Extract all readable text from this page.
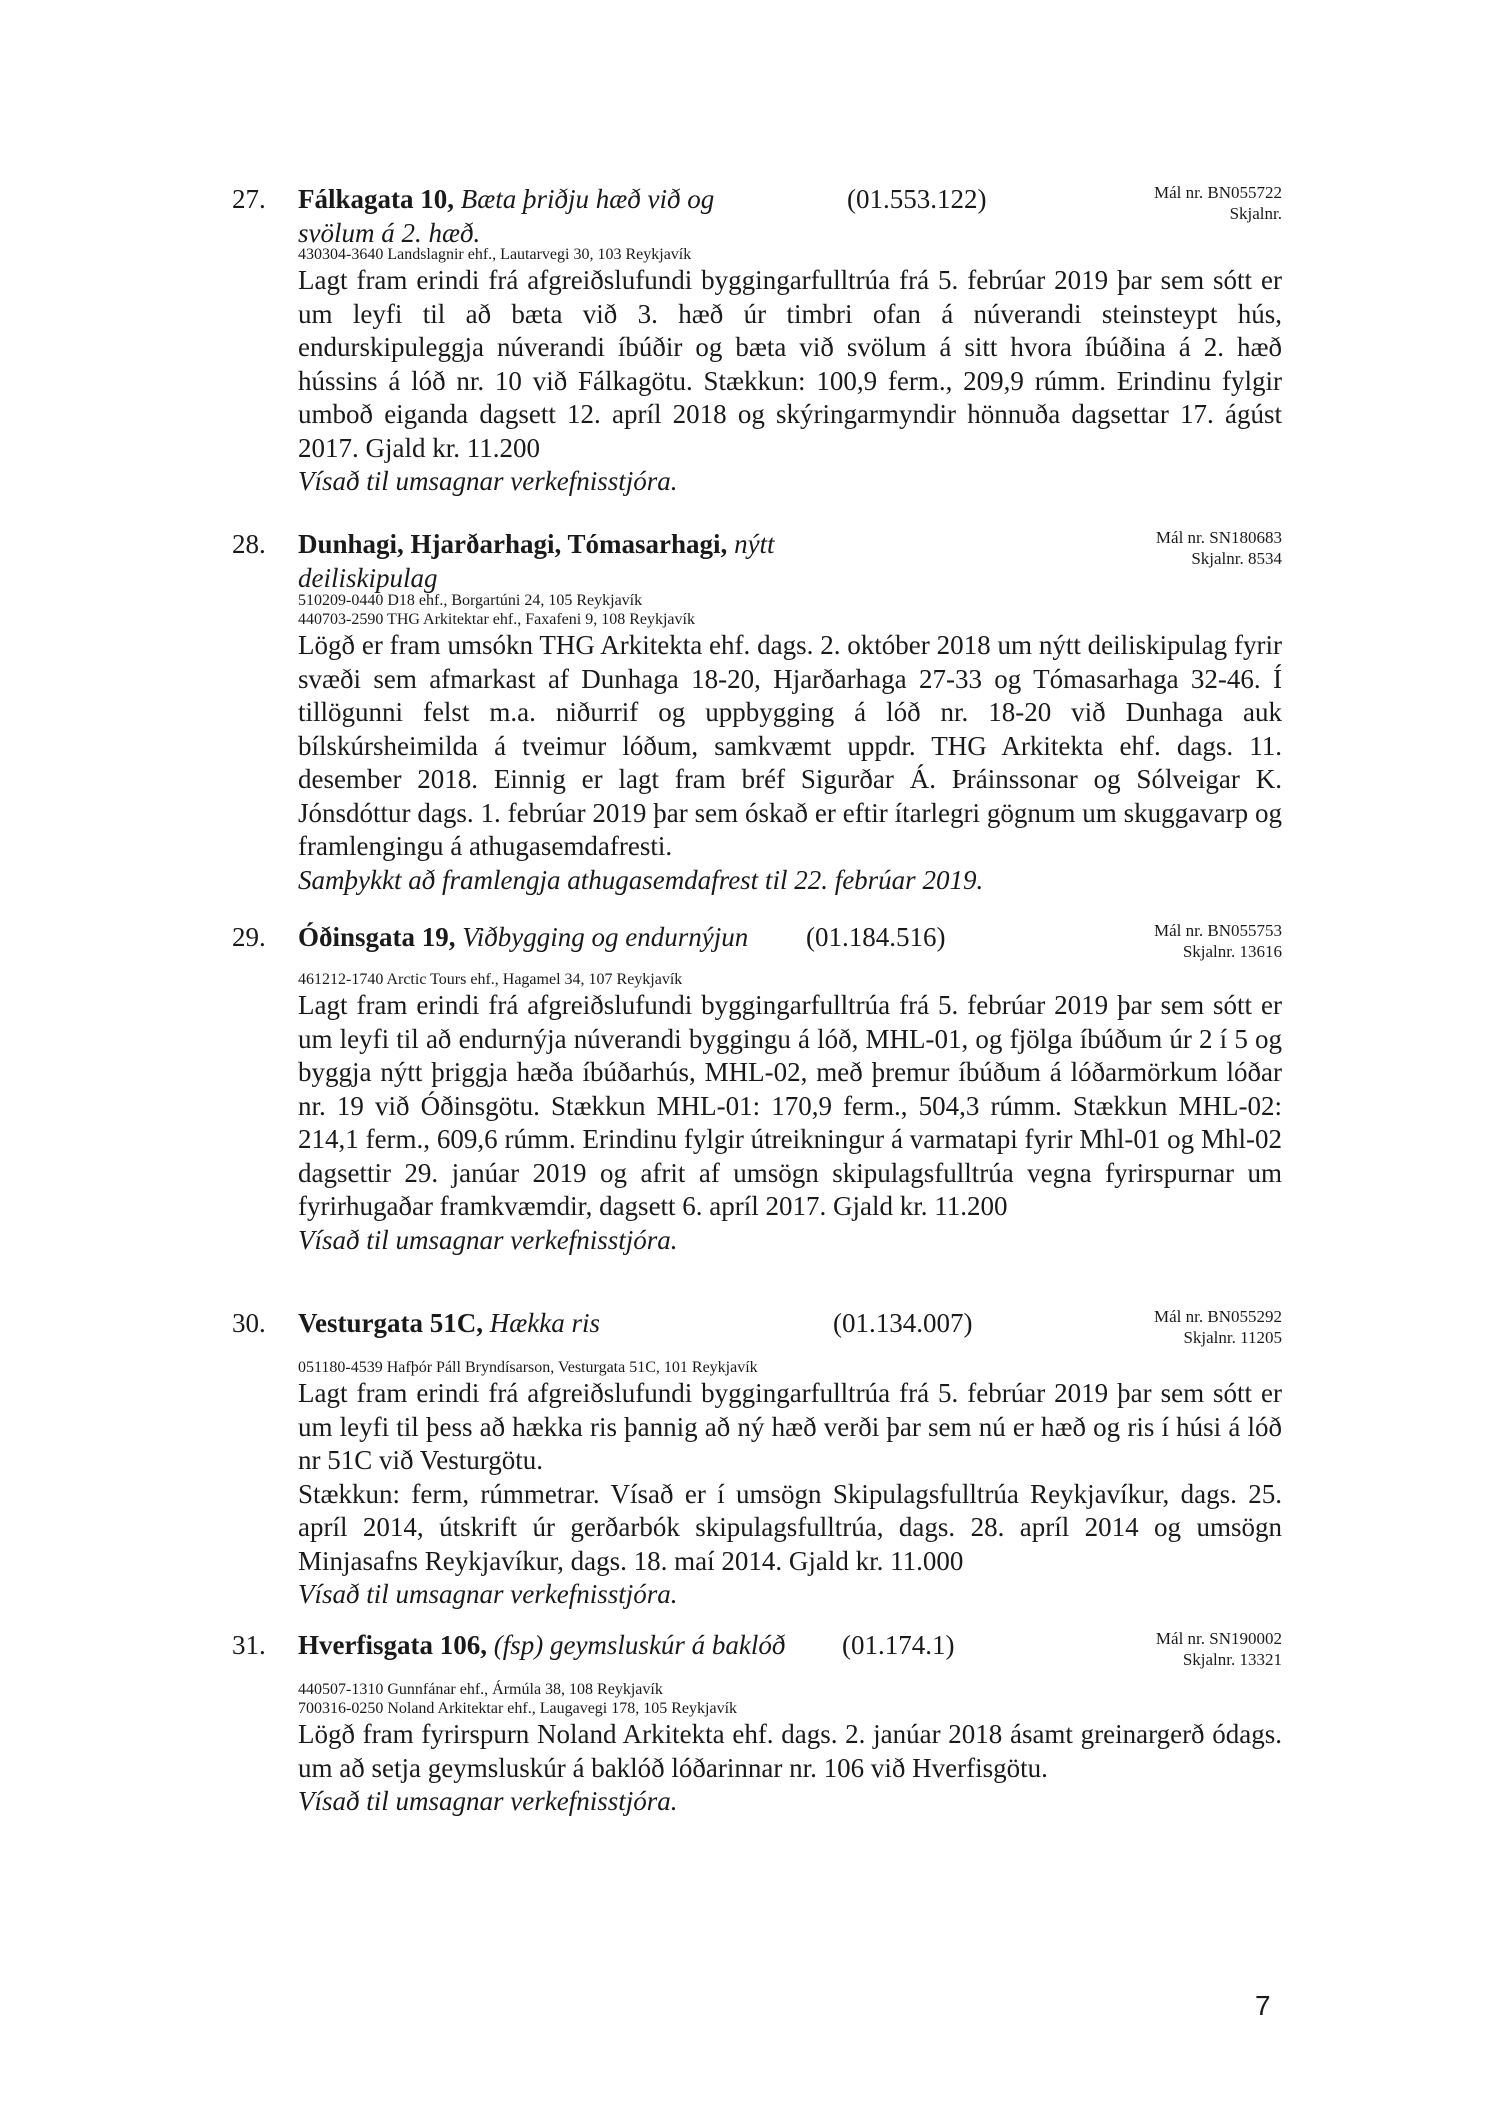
27. Fálkagata 10, Bæta þriðju hæð við og
svölum á 2. hæð.
(01.553.122)	Mál nr. BN055722
Skjalnr.
430304-3640 Landslagnir ehf., Lautarvegi 30, 103 Reykjavík
Lagt fram erindi frá afgreiðslufundi byggingarfulltrúa frá 5. febrúar 2019 þar sem sótt er um leyfi til að bæta við 3. hæð úr timbri ofan á núverandi steinsteypt hús, endurskipuleggja núverandi íbúðir og bæta við svölum á sitt hvora íbúðina á 2. hæð hússins á lóð nr. 10 við Fálkagötu. Stækkun: 100,9 ferm., 209,9 rúmm. Erindinu fylgir umboð eiganda dagsett 12. apríl 2018 og skýringarmyndir hönnuða dagsettar 17. ágúst 2017. Gjald kr. 11.200
Vísað til umsagnar verkefnisstjóra.
28. Dunhagi, Hjarðarhagi, Tómasarhagi, nýtt
deiliskipulag
Mál nr. SN180683
Skjalnr. 8534
510209-0440 D18 ehf., Borgartúni 24, 105 Reykjavík
440703-2590 THG Arkitektar ehf., Faxafeni 9, 108 Reykjavík
Lögð er fram umsókn THG Arkitekta ehf. dags. 2. október 2018 um nýtt deiliskipulag fyrir svæði sem afmarkast af Dunhaga 18-20, Hjarðarhaga 27-33 og Tómasarhaga 32-46. Í tillögunni felst m.a. niðurrif og uppbygging á lóð nr. 18-20 við Dunhaga auk bílskúrsheimilda á tveimur lóðum, samkvæmt uppdr. THG Arkitekta ehf. dags. 11. desember 2018. Einnig er lagt fram bréf Sigurðar Á. Þráinssonar og Sólveigar K. Jónsdóttur dags. 1. febrúar 2019 þar sem óskað er eftir ítarlegri gögnum um skuggavarp og framlengingu á athugasemdafresti.
Samþykkt að framlengja athugasemdafrest til 22. febrúar 2019.
29. Óðinsgata 19, Viðbygging og endurnýjun	(01.184.516)	Mál nr. BN055753
Skjalnr. 13616
461212-1740 Arctic Tours ehf., Hagamel 34, 107 Reykjavík
Lagt fram erindi frá afgreiðslufundi byggingarfulltrúa frá 5. febrúar 2019 þar sem sótt er um leyfi til að endurnýja núverandi byggingu á lóð, MHL-01, og fjölga íbúðum úr 2 í 5 og byggja nýtt þriggja hæða íbúðarhús, MHL-02, með þremur íbúðum á lóðarmörkum lóðar nr. 19 við Óðinsgötu. Stækkun MHL-01: 170,9 ferm., 504,3 rúmm. Stækkun MHL-02: 214,1 ferm., 609,6 rúmm. Erindinu fylgir útreikningur á varmatapi fyrir Mhl-01 og Mhl-02 dagsettir 29. janúar 2019 og afrit af umsögn skipulagsfulltrúa vegna fyrirspurnar um fyrirhugaðar framkvæmdir, dagsett 6. apríl 2017. Gjald kr. 11.200
Vísað til umsagnar verkefnisstjóra.
30. Vesturgata 51C, Hækka ris	(01.134.007)	Mál nr. BN055292
Skjalnr. 11205
051180-4539 Hafþór Páll Bryndísarson, Vesturgata 51C, 101 Reykjavík
Lagt fram erindi frá afgreiðslufundi byggingarfulltrúa frá 5. febrúar 2019 þar sem sótt er um leyfi til þess að hækka ris þannig að ný hæð verði þar sem nú er hæð og ris í húsi á lóð nr 51C við Vesturgötu.
Stækkun: ferm, rúmmetrar. Vísað er í umsögn Skipulagsfulltrúa Reykjavíkur, dags. 25. apríl 2014, útskrift úr gerðarbók skipulagsfulltrúa, dags. 28. apríl 2014 og umsögn Minjasafns Reykjavíkur, dags. 18. maí 2014. Gjald kr. 11.000
Vísað til umsagnar verkefnisstjóra.
31. Hverfisgata 106, (fsp) geymsluskúr á baklóð	(01.174.1)	Mál nr. SN190002
Skjalnr. 13321
440507-1310 Gunnfánar ehf., Ármúla 38, 108 Reykjavík
700316-0250 Noland Arkitektar ehf., Laugavegi 178, 105 Reykjavík
Lögð fram fyrirspurn Noland Arkitekta ehf. dags. 2. janúar 2018 ásamt greinargerð ódags. um að setja geymsluskúr á baklóð lóðarinnar nr. 106 við Hverfisgötu.
Vísað til umsagnar verkefnisstjóra.
7
